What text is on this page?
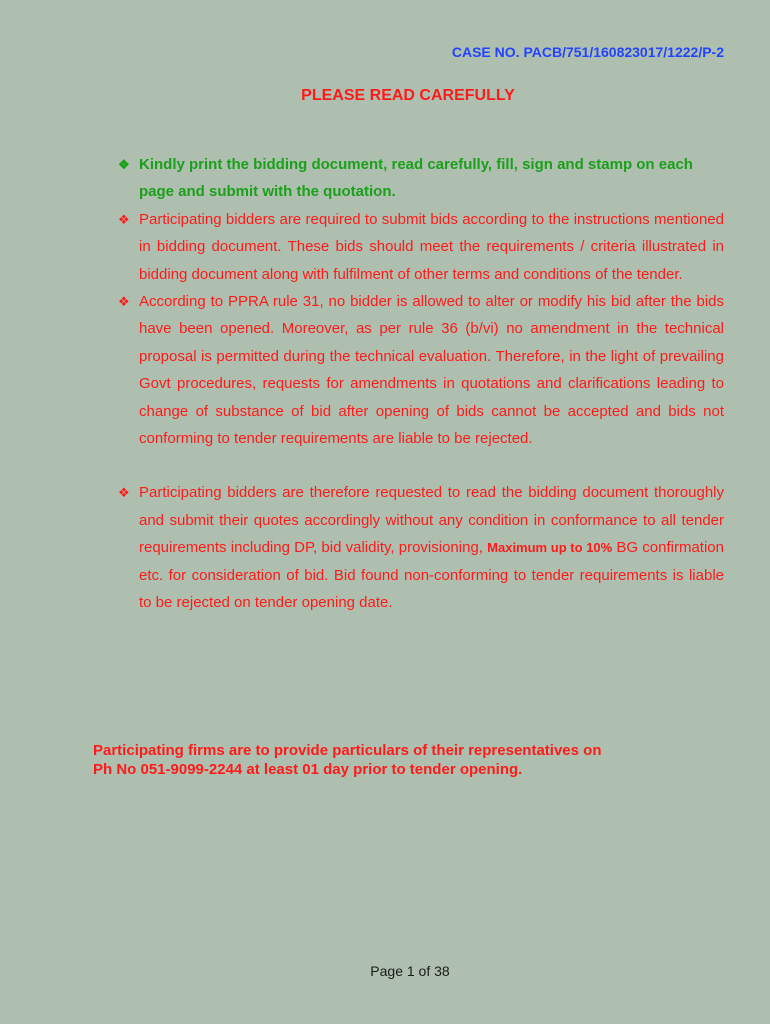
CASE NO. PACB/751/160823017/1222/P-2
PLEASE READ CAREFULLY
❖ Kindly print the bidding document, read carefully, fill, sign and stamp on each page and submit with the quotation.
❖ Participating bidders are required to submit bids according to the instructions mentioned in bidding document. These bids should meet the requirements / criteria illustrated in bidding document along with fulfilment of other terms and conditions of the tender.
❖ According to PPRA rule 31, no bidder is allowed to alter or modify his bid after the bids have been opened. Moreover, as per rule 36 (b/vi) no amendment in the technical proposal is permitted during the technical evaluation. Therefore, in the light of prevailing Govt procedures, requests for amendments in quotations and clarifications leading to change of substance of bid after opening of bids cannot be accepted and bids not conforming to tender requirements are liable to be rejected.
❖ Participating bidders are therefore requested to read the bidding document thoroughly and submit their quotes accordingly without any condition in conformance to all tender requirements including DP, bid validity, provisioning, Maximum up to 10% BG confirmation etc. for consideration of bid. Bid found non-conforming to tender requirements is liable to be rejected on tender opening date.
Participating firms are to provide particulars of their representatives on
Ph No 051-9099-2244 at least 01 day prior to tender opening.
Page 1 of 38
